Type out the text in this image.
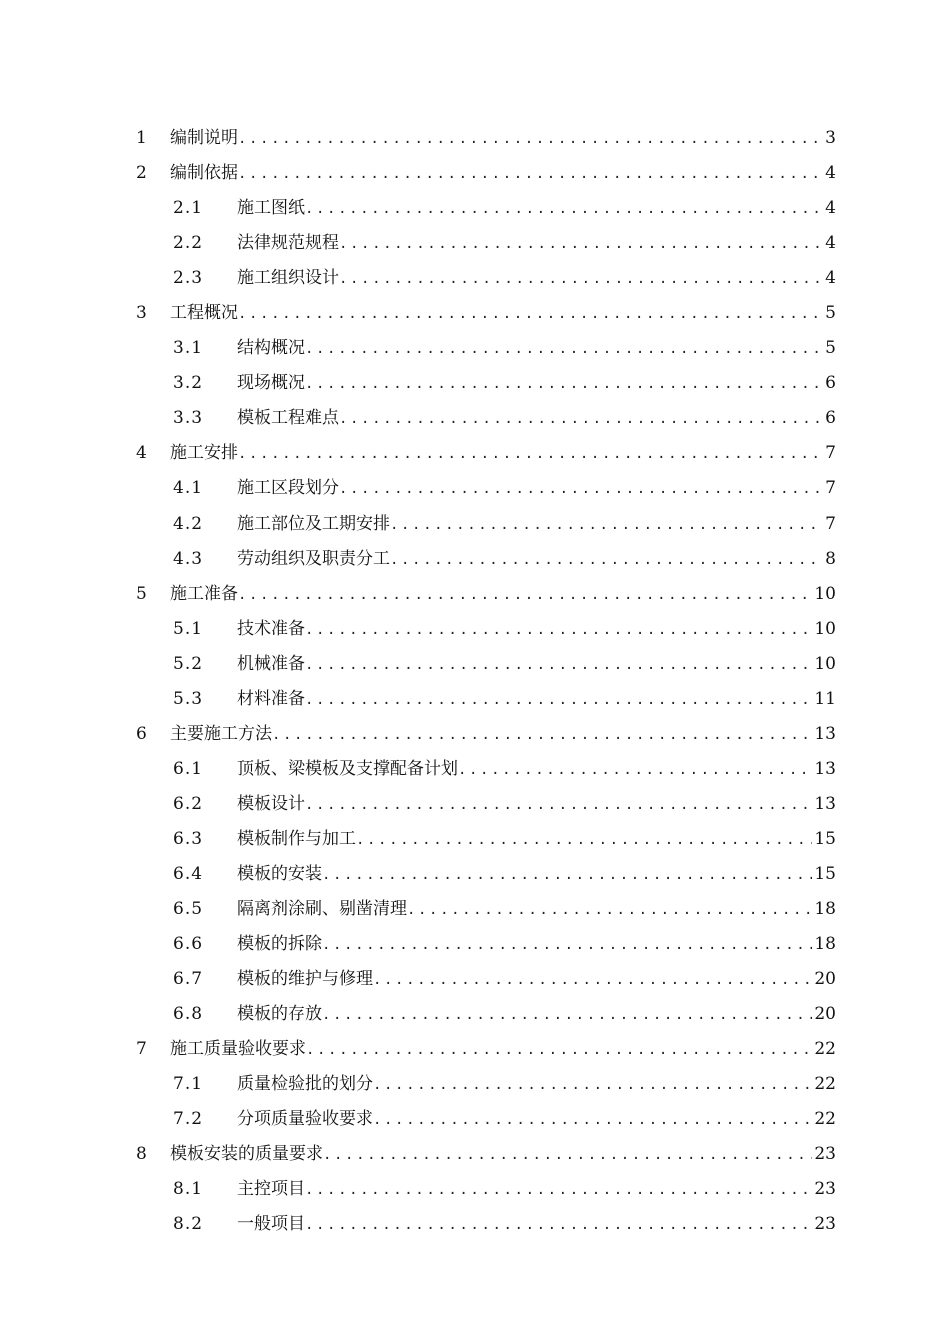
1 编制说明 .....	3
2 编制依据 .....	4
2.1 施工图纸 .....	4
2.2 法律规范规程 .....	4
2.3 施工组织设计 .....	4
3 工程概况 .....	5
3.1 结构概况 .....	5
3.2 现场概况 .....	6
3.3 模板工程难点 .....	6
4 施工安排 .....	7
4.1 施工区段划分 .....	7
4.2 施工部位及工期安排 .....	7
4.3 劳动组织及职责分工 .....	8
5 施工准备 .....	10
5.1 技术准备 .....	10
5.2 机械准备 .....	10
5.3 材料准备 .....	11
6 主要施工方法 .....	13
6.1 顶板、梁模板及支撑配备计划 .....	13
6.2 模板设计 .....	13
6.3 模板制作与加工 .....	15
6.4 模板的安装 .....	15
6.5 隔离剂涂刷、剔凿清理 .....	18
6.6 模板的拆除 .....	18
6.7 模板的维护与修理 .....	20
6.8 模板的存放 .....	20
7 施工质量验收要求 .....	22
7.1 质量检验批的划分 .....	22
7.2 分项质量验收要求 .....	22
8 模板安装的质量要求 .....	23
8.1 主控项目 .....	23
8.2 一般项目 .....	23
